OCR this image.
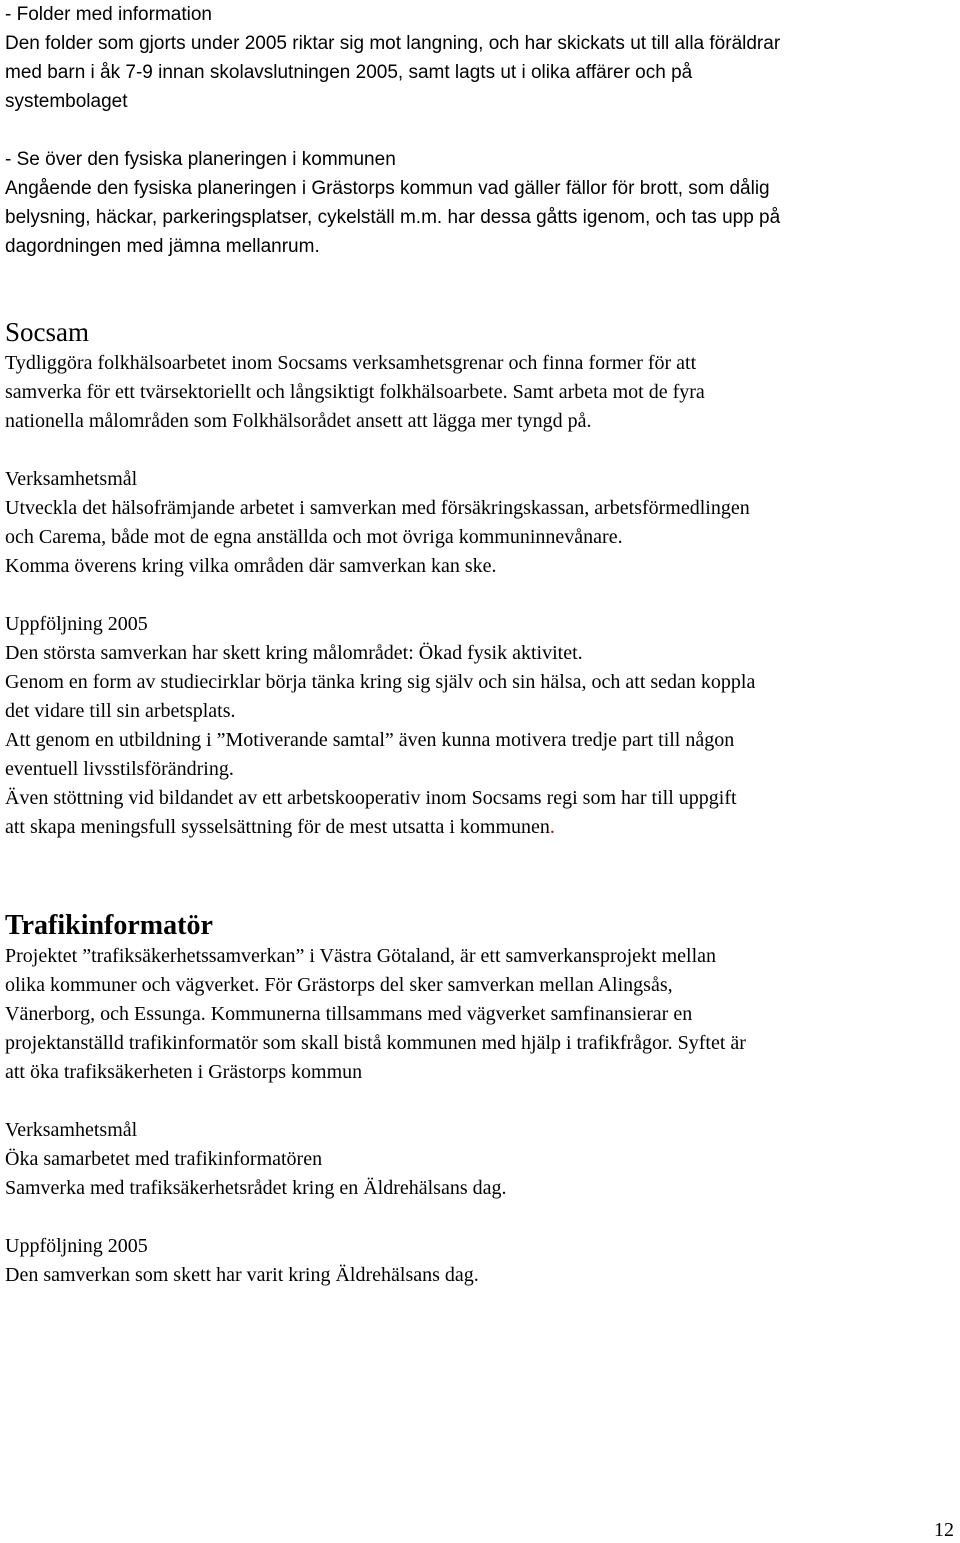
- Folder med information
Den folder som gjorts under 2005 riktar sig mot langning, och har skickats ut till alla föräldrar
med barn i åk 7-9 innan skolavslutningen 2005, samt lagts ut i olika affärer och på
systembolaget
- Se över den fysiska planeringen i kommunen
Angående den fysiska planeringen i Grästorps kommun vad gäller fällor för brott, som dålig
belysning, häckar, parkeringsplatser, cykelställ m.m. har dessa gåtts igenom, och tas upp på
dagordningen med jämna mellanrum.
Socsam
Tydliggöra folkhälsoarbetet inom Socsams verksamhetsgrenar och finna former för att
samverka för ett tvärsektoriellt och långsiktigt folkhälsoarbete. Samt arbeta mot de fyra
nationella målområden som Folkhälsorådet ansett att lägga mer tyngd på.
Verksamhetsmål
Utveckla det hälsofrämjande arbetet i samverkan med försäkringskassan, arbetsförmedlingen
och Carema, både mot de egna anställda och mot övriga kommuninnevånare.
Komma överens kring vilka områden där samverkan kan ske.
Uppföljning 2005
Den största samverkan har skett kring målområdet: Ökad fysik aktivitet.
Genom en form av studiecirklar börja tänka kring sig själv och sin hälsa, och att sedan koppla
det vidare till sin arbetsplats.
Att genom en utbildning i ”Motiverande samtal” även kunna motivera tredje part till någon
eventuell livsstilsförändring.
Även stöttning vid bildandet av ett arbetskooperativ inom Socsams regi som har till uppgift
att skapa meningsfull sysselsättning för de mest utsatta i kommunen.
Trafikinformatör
Projektet ”trafiksäkerhetssamverkan” i Västra Götaland, är ett samverkansprojekt mellan
olika kommuner och vägverket. För Grästorps del sker samverkan mellan Alingsås,
Vänerborg, och Essunga. Kommunerna tillsammans med vägverket samfinansierar en
projektanställd trafikinformatör som skall bistå kommunen med hjälp i trafikfrågor. Syftet är
att öka trafiksäkerheten i Grästorps kommun
Verksamhetsmål
Öka samarbetet med trafikinformatören
Samverka med trafiksäkerhetsrådet kring en Äldrehälsans dag.
Uppföljning 2005
Den samverkan som skett har varit kring Äldrehälsans dag.
12
